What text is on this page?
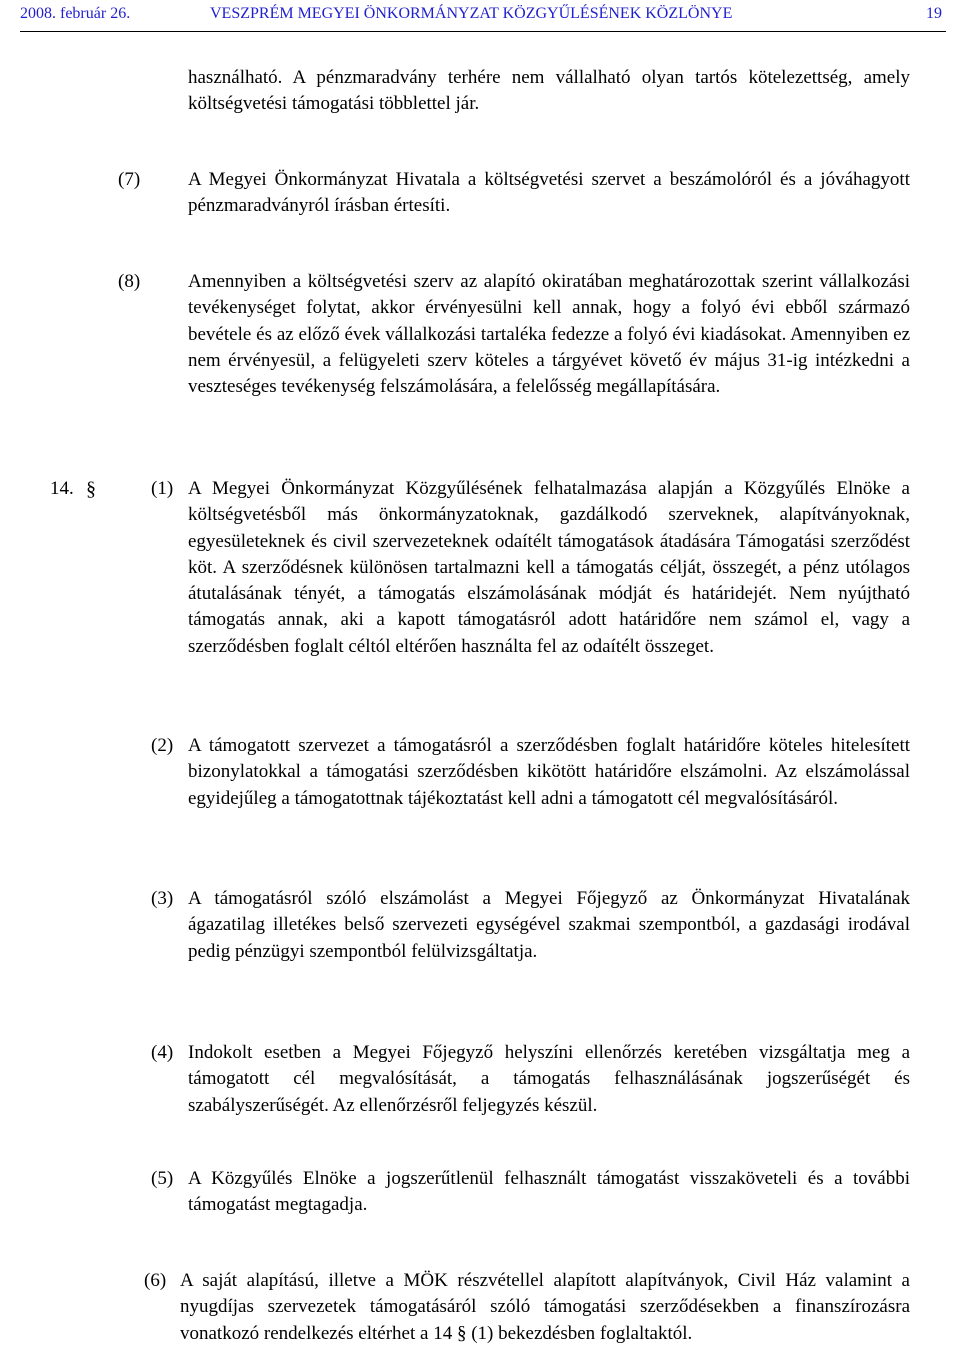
2008. február 26.	VESZPRÉM MEGYEI ÖNKORMÁNYZAT KÖZGYŰLÉSÉNEK KÖZLÖNYE	19

használható. A pénzmaradvány terhére nem vállalható olyan tartós kötelezettség, amely költségvetési támogatási többlettel jár.

(7)	A Megyei Önkormányzat Hivatala a költségvetési szervet a beszámolóról és a jóváhagyott pénzmaradványról írásban értesíti.

(8)	Amennyiben a költségvetési szerv az alapító okiratában meghatározottak szerint vállalkozási tevékenységet folytat, akkor érvényesülni kell annak, hogy a folyó évi ebből származó bevétele és az előző évek vállalkozási tartaléka fedezze a folyó évi kiadásokat. Amennyiben ez nem érvényesül, a felügyeleti szerv köteles a tárgyévet követő év május 31-ig intézkedni a veszteséges tevékenység felszámolására, a felelősség megállapítására.

14. §	(1) A Megyei Önkormányzat Közgyűlésének felhatalmazása alapján a Közgyűlés Elnöke a költségvetésből más önkormányzatoknak, gazdálkodó szerveknek, alapítványoknak, egyesületeknek és civil szervezeteknek odaítélt támogatások átadására Támogatási szerződést köt. A szerződésnek különösen tartalmazni kell a támogatás célját, összegét, a pénz utólagos átutalásának tényét, a támogatás elszámolásának módját és határidejét. Nem nyújtható támogatás annak, aki a kapott támogatásról adott határidőre nem számol el, vagy a szerződésben foglalt céltól eltérően használta fel az odaítélt összeget.

(2) A támogatott szervezet a támogatásról a szerződésben foglalt határidőre köteles hitelesített bizonylatokkal a támogatási szerződésben kikötött határidőre elszámolni. Az elszámolással egyidejűleg a támogatottnak tájékoztatást kell adni a támogatott cél megvalósításáról.

(3) A támogatásról szóló elszámolást a Megyei Főjegyző az Önkormányzat Hivatalának ágazatilag illetékes belső szervezeti egységével szakmai szempontból, a gazdasági irodával pedig pénzügyi szempontból felülvizsgáltatja.

(4) Indokolt esetben a Megyei Főjegyző helyszíni ellenőrzés keretében vizsgáltatja meg a támogatott cél megvalósítását, a támogatás felhasználásának jogszerűségét és szabályszerűségét. Az ellenőrzésről feljegyzés készül.

(5) A Közgyűlés Elnöke a jogszerűtlenül felhasznált támogatást visszaköveteli és a további támogatást megtagadja.

(6) A saját alapítású, illetve a MÖK részvétellel alapított alapítványok, Civil Ház valamint a nyugdíjas szervezetek támogatásáról szóló támogatási szerződésekben a finanszírozásra vonatkozó rendelkezés eltérhet a 14 § (1) bekezdésben foglaltaktól.
